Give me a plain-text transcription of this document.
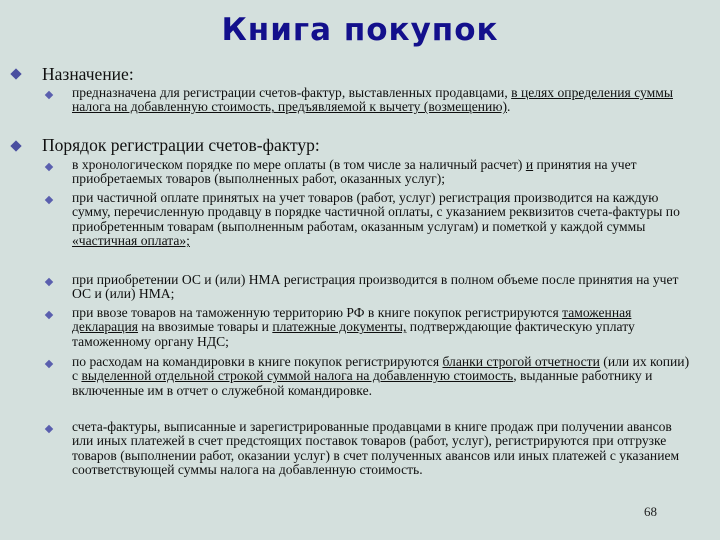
Книга покупок
Назначение:
предназначена для регистрации счетов-фактур, выставленных продавцами, в целях определения суммы налога на добавленную стоимость, предъявляемой к вычету (возмещению).
Порядок регистрации счетов-фактур:
в хронологическом порядке по мере оплаты (в том числе за наличный расчет) и принятия на учет приобретаемых товаров (выполненных работ, оказанных услуг);
при частичной оплате принятых на учет товаров (работ, услуг) регистрация производится на каждую сумму, перечисленную продавцу в порядке частичной оплаты, с указанием реквизитов счета-фактуры по приобретенным товарам (выполненным работам, оказанным услугам) и пометкой у каждой суммы «частичная оплата»;
при приобретении ОС и (или) НМА регистрация производится в полном объеме после принятия на учет ОС и (или) НМА;
при ввозе товаров на таможенную территорию РФ в книге покупок регистрируются таможенная декларация на ввозимые товары и платежные документы, подтверждающие фактическую уплату таможенному органу НДС;
по расходам на командировки в книге покупок регистрируются бланки строгой отчетности (или их копии) с выделенной отдельной строкой суммой налога на добавленную стоимость, выданные работнику и включенные им в отчет о служебной командировке.
счета-фактуры, выписанные и зарегистрированные продавцами в книге продаж при получении авансов или иных платежей в счет предстоящих поставок товаров (работ, услуг), регистрируются при отгрузке товаров (выполнении работ, оказании услуг) в счет полученных авансов или иных платежей с указанием соответствующей суммы налога на добавленную стоимость.
68
